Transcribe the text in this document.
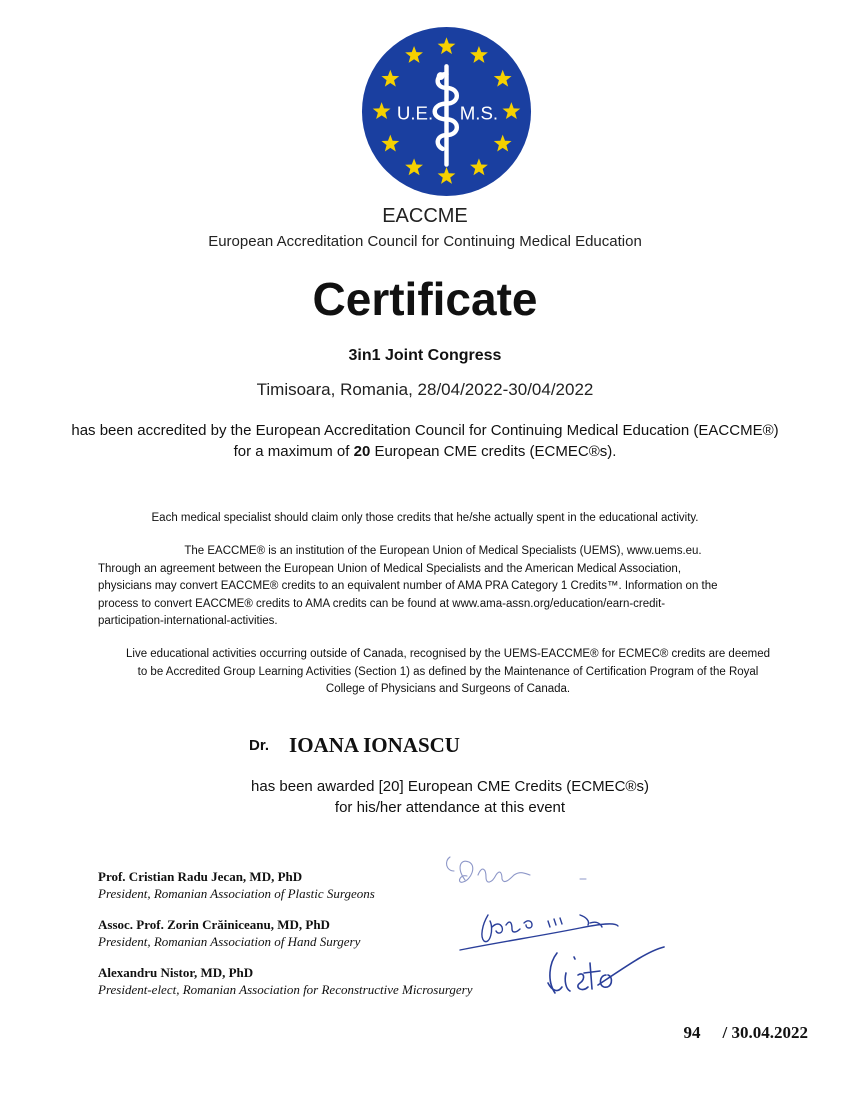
U.E. M.S.
EACCME
European Accreditation Council for Continuing Medical Education
Certificate
3in1 Joint Congress
Timisoara, Romania, 28/04/2022-30/04/2022
has been accredited by the European Accreditation Council for Continuing Medical Education (EACCME®)
for a maximum of 20 European CME credits (ECMEC®s).
Each medical specialist should claim only those credits that he/she actually spent in the educational activity.
The EACCME® is an institution of the European Union of Medical Specialists (UEMS), www.uems.eu.
Through an agreement between the European Union of Medical Specialists and the American Medical Association,
physicians may convert EACCME® credits to an equivalent number of AMA PRA Category 1 Credits™. Information on the
process to convert EACCME® credits to AMA credits can be found at www.ama-assn.org/education/earn-credit-
participation-international-activities.
Live educational activities occurring outside of Canada, recognised by the UEMS-EACCME® for ECMEC® credits are deemed
to be Accredited Group Learning Activities (Section 1) as defined by the Maintenance of Certification Program of the Royal
College of Physicians and Surgeons of Canada.
Dr. IOANA IONASCU
has been awarded [20] European CME Credits (ECMEC®s)
for his/her attendance at this event
Prof. Cristian Radu Jecan, MD, PhD
President, Romanian Association of Plastic Surgeons
Assoc. Prof. Zorin Crăiniceanu, MD, PhD
President, Romanian Association of Hand Surgery
Alexandru Nistor, MD, PhD
President-elect, Romanian Association for Reconstructive Microsurgery
94 / 30.04.2022
